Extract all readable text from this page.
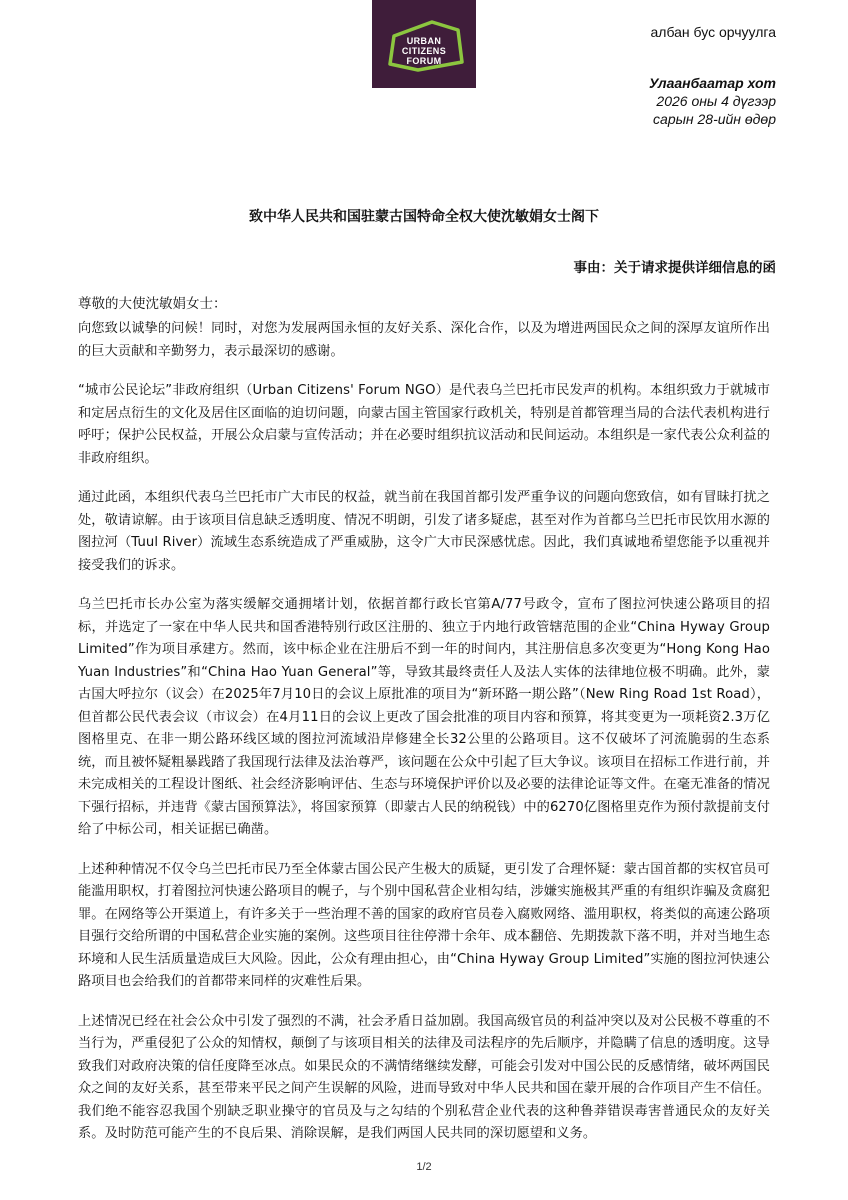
URBAN
CITIZENS
FORUM
албан бус орчуулга
Улаанбаатар хот
2026 оны 4 дүгээр
сарын 28-ийн өдөр
致中华人民共和国驻蒙古国特命全权大使沈敏娟女士阁下
事由：关于请求提供详细信息的函
尊敬的大使沈敏娟女士：

向您致以诚挚的问候！同时，对您为发展两国永恒的友好关系、深化合作，以及为增进两国民众之间的深厚友谊所作出的巨大贡献和辛勤努力，表示最深切的感谢。

“城市公民论坛”非政府组织（Urban Citizens' Forum NGO）是代表乌兰巴托市民发声的机构。本组织致力于就城市和定居点衍生的文化及居住区面临的迫切问题，向蒙古国主管国家行政机关，特别是首都管理当局的合法代表机构进行呼吁；保护公民权益，开展公众启蒙与宣传活动；并在必要时组织抗议活动和民间运动。本组织是一家代表公众利益的非政府组织。

通过此函，本组织代表乌兰巴托市广大市民的权益，就当前在我国首都引发严重争议的问题向您致信，如有冒昧打扰之处，敬请谅解。由于该项目信息缺乏透明度、情况不明朗，引发了诸多疑虑，甚至对作为首都乌兰巴托市民饮用水源的图拉河（Tuul River）流域生态系统造成了严重威胁，这令广大市民深感忧虑。因此，我们真诚地希望您能予以重视并接受我们的诉求。

乌兰巴托市长办公室为落实缓解交通拥堵计划，依据首都行政长官第A/77号政令，宣布了图拉河快速公路项目的招标，并选定了一家在中华人民共和国香港特别行政区注册的、独立于内地行政管辖范围的企业“China Hyway Group Limited”作为项目承建方。然而，该中标企业在注册后不到一年的时间内，其注册信息多次变更为“Hong Kong Hao Yuan Industries”和“China Hao Yuan General”等，导致其最终责任人及法人实体的法律地位极不明确。此外，蒙古国大呼拉尔（议会）在2025年7月10日的会议上原批准的项目为“新环路一期公路”（New Ring Road 1st Road），但首都公民代表会议（市议会）在4月11日的会议上更改了国会批准的项目内容和预算，将其变更为一项耗资2.3万亿图格里克、在非一期公路环线区域的图拉河流域沿岸修建全长32公里的公路项目。这不仅破坏了河流脆弱的生态系统，而且被怀疑粗暴践踏了我国现行法律及法治尊严，该问题在公众中引起了巨大争议。该项目在招标工作进行前，并未完成相关的工程设计图纸、社会经济影响评估、生态与环境保护评价以及必要的法律论证等文件。在毫无准备的情况下强行招标，并违背《蒙古国预算法》，将国家预算（即蒙古人民的纳税钱）中的6270亿图格里克作为预付款提前支付给了中标公司，相关证据已确凿。

上述种种情况不仅令乌兰巴托市民乃至全体蒙古国公民产生极大的质疑，更引发了合理怀疑：蒙古国首都的实权官员可能滥用职权，打着图拉河快速公路项目的幌子，与个别中国私营企业相勾结，涉嫌实施极其严重的有组织诈骗及贪腐犯罪。在网络等公开渠道上，有许多关于一些治理不善的国家的政府官员卷入腐败网络、滥用职权，将类似的高速公路项目强行交给所谓的中国私营企业实施的案例。这些项目往往停滞十余年、成本翻倍、先期拨款下落不明，并对当地生态环境和人民生活质量造成巨大风险。因此，公众有理由担心，由“China Hyway Group Limited”实施的图拉河快速公路项目也会给我们的首都带来同样的灾难性后果。

上述情况已经在社会公众中引发了强烈的不满，社会矛盾日益加剧。我国高级官员的利益冲突以及对公民极不尊重的不当行为，严重侵犯了公众的知情权，颠倒了与该项目相关的法律及司法程序的先后顺序，并隐瞒了信息的透明度。这导致我们对政府决策的信任度降至冰点。如果民众的不满情绪继续发酵，可能会引发对中国公民的反感情绪，破坏两国民众之间的友好关系，甚至带来平民之间产生误解的风险，进而导致对中华人民共和国在蒙开展的合作项目产生不信任。我们绝不能容忍我国个别缺乏职业操守的官员及与之勾结的个别私营企业代表的这种鲁莽错误毒害普通民众的友好关系。及时防范可能产生的不良后果、消除误解，是我们两国人民共同的深切愿望和义务。

1/2
